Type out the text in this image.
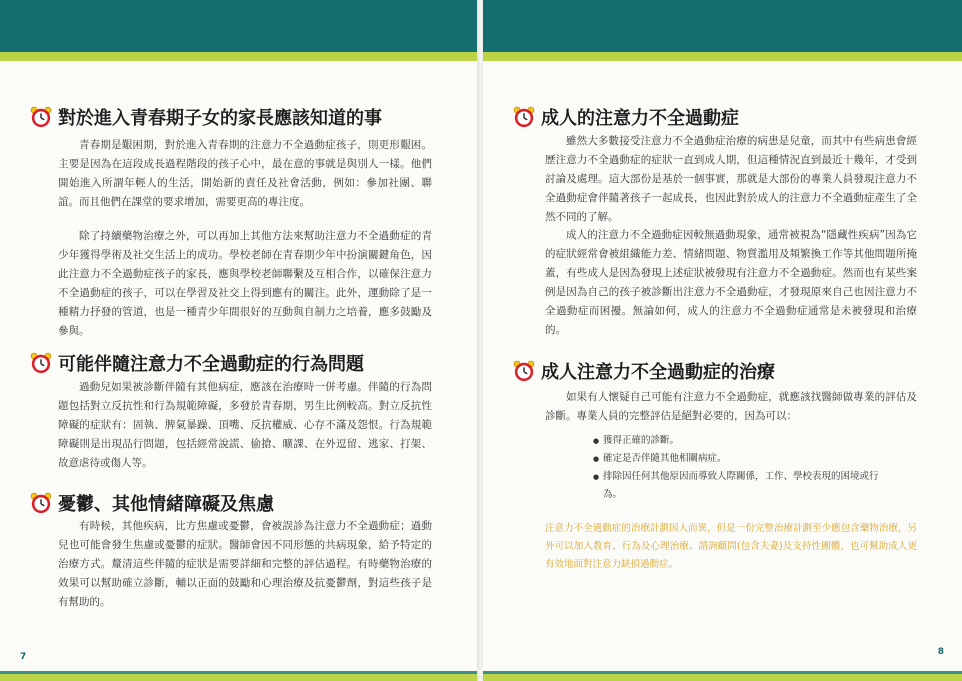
對於進入青春期子女的家長應該知道的事

青春期是艱困期，對於進入青春期的注意力不全過動症孩子，則更形艱困。主要是因為在這段成長過程階段的孩子心中，最在意的事就是與別人一樣。他們開始進入所謂年輕人的生活，開始新的責任及社會活動，例如：參加社團、聯誼。而且他們在課堂的要求增加，需要更高的專注度。

除了持續藥物治療之外，可以再加上其他方法來幫助注意力不全過動症的青少年獲得學術及社交生活上的成功。學校老師在青春期少年中扮演關鍵角色，因此注意力不全過動症孩子的家長，應與學校老師聯繫及互相合作，以確保注意力不全過動症的孩子，可以在學習及社交上得到應有的關注。此外，運動除了是一種精力抒發的管道，也是一種青少年間很好的互動與自制力之培養，應多鼓勵及參與。

可能伴隨注意力不全過動症的行為問題

過動兒如果被診斷伴隨有其他病症，應該在治療時一併考慮。伴隨的行為問題包括對立反抗性和行為規範障礙，多發於青春期，男生比例較高。對立反抗性障礙的症狀有：固執、脾氣暴躁、頂嘴、反抗權威、心存不滿及怨恨。行為規範障礙則是出現品行問題，包括經常說謊、偷搶、曠課、在外逗留、逃家、打架、故意虐待或傷人等。

憂鬱、其他情緒障礙及焦慮

有時候，其他疾病，比方焦慮或憂鬱，會被誤診為注意力不全過動症；過動兒也可能會發生焦慮或憂鬱的症狀。醫師會因不同形態的共病現象，給予特定的治療方式。釐清這些伴隨的症狀是需要詳細和完整的評估過程。有時藥物治療的效果可以幫助確立診斷，輔以正面的鼓勵和心理治療及抗憂鬱劑，對這些孩子是有幫助的。

7
成人的注意力不全過動症

雖然大多數接受注意力不全過動症治療的病患是兒童，而其中有些病患會經歷注意力不全過動症的症狀一直到成人期，但這種情況直到最近十幾年，才受到討論及處理。這大部份是基於一個事實，那就是大部份的專業人員發現注意力不全過動症會伴隨著孩子一起成長，也因此對於成人的注意力不全過動症產生了全然不同的了解。

成人的注意力不全過動症因較無過動現象，通常被視為“隱藏性疾病”因為它的症狀經常會被組織能力差、情緒問題、物質濫用及頻繁換工作等其他問題所掩蓋，有些成人是因為發現上述症狀被發現有注意力不全過動症。然而也有某些案例是因為自己的孩子被診斷出注意力不全過動症，才發現原來自己也因注意力不全過動症而困擾。無論如何，成人的注意力不全過動症通常是未被發現和治療的。

成人注意力不全過動症的治療

如果有人懷疑自己可能有注意力不全過動症，就應該找醫師做專業的評估及診斷。專業人員的完整評估是絕對必要的，因為可以：

● 獲得正確的診斷。
● 確定是否伴隨其他相關病症。
● 排除因任何其他原因而導致人際關係，工作、學校表現的困境或行為。

注意力不全過動症的治療計劃因人而異，但是一份完整治療計劃至少應包含藥物治療，另外可以加入教育、行為及心理治療。諮詢顧問(包含夫妻)及支持性團體，也可幫助成人更有效地面對注意力缺損過動症。

8
